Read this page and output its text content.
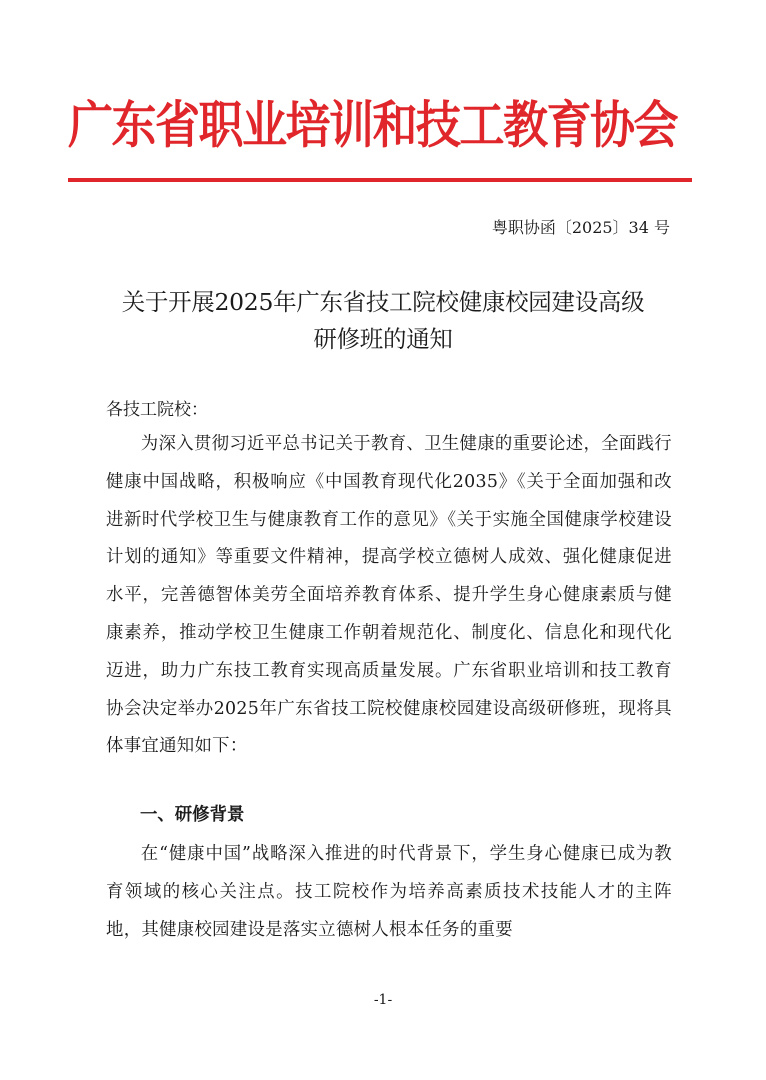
广东省职业培训和技工教育协会
粤职协函〔2025〕34 号
关于开展2025年广东省技工院校健康校园建设高级
研修班的通知
各技工院校：
为深入贯彻习近平总书记关于教育、卫生健康的重要论述，全面践行健康中国战略，积极响应《中国教育现代化2035》《关于全面加强和改进新时代学校卫生与健康教育工作的意见》《关于实施全国健康学校建设计划的通知》等重要文件精神，提高学校立德树人成效、强化健康促进水平，完善德智体美劳全面培养教育体系、提升学生身心健康素质与健康素养，推动学校卫生健康工作朝着规范化、制度化、信息化和现代化迈进，助力广东技工教育实现高质量发展。广东省职业培训和技工教育协会决定举办2025年广东省技工院校健康校园建设高级研修班，现将具体事宜通知如下：
一、研修背景
在“健康中国”战略深入推进的时代背景下，学生身心健康已成为教育领域的核心关注点。技工院校作为培养高素质技术技能人才的主阵地，其健康校园建设是落实立德树人根本任务的重要
-1-
